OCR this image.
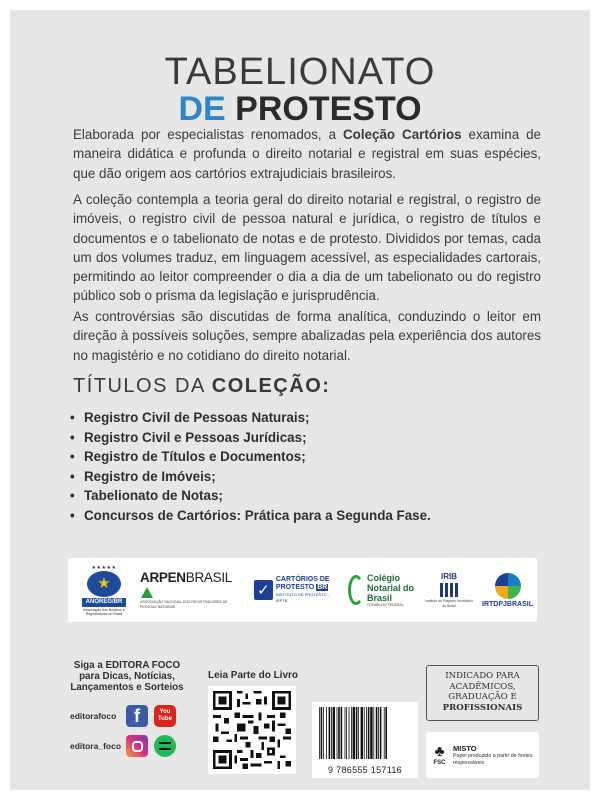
TABELIONATO
DE PROTESTO

Elaborada por especialistas renomados, a Coleção Cartórios examina de maneira didática e profunda o direito notarial e registral em suas espécies, que dão origem aos cartórios extrajudiciais brasileiros.

A coleção contempla a teoria geral do direito notarial e registral, o registro de imóveis, o registro civil de pessoa natural e jurídica, o registro de títulos e documentos e o tabelionato de notas e de protesto. Divididos por temas, cada um dos volumes traduz, em linguagem acessível, as especialidades cartorais, permitindo ao leitor compreender o dia a dia de um tabelionato ou do registro público sob o prisma da legislação e jurisprudência.

As controvérsias são discutidas de forma analítica, conduzindo o leitor em direção à possíveis soluções, sempre abalizadas pela experiência dos autores no magistério e no cotidiano do direito notarial.

TÍTULOS DA COLEÇÃO:
• Registro Civil de Pessoas Naturais;
• Registro Civil e Pessoas Jurídicas;
• Registro de Títulos e Documentos;
• Registro de Imóveis;
• Tabelionato de Notas;
• Concursos de Cartórios: Prática para a Segunda Fase.
★★★★★
★
ANOREG/BR
Associação dos Notários e Registradores do Brasil
ARPENBRASIL
ASSOCIAÇÃO NACIONAL DOS REGISTRADORES DE PESSOAS NATURAIS
✓
CARTÓRIOS DE
PROTESTO BR
INSTITUTO DE PROTESTO - IEPTB
Colégio
Notarial do
Brasil
CONSELHO FEDERAL
IRIB
Instituto de Registro Imobiliário do Brasil	IRTDPJBRASIL
Siga a EDITORA FOCO para Dicas, Notícias, Lançamentos e Sorteios
editorafoco f	You Tube
editora_foco
Leia Parte do Livro
9 786555 157116
INDICADO PARA
ACADÊMICOS,
GRADUAÇÃO E
PROFISSIONAIS
♣
FSC
MISTO
Papel produzido a partir de fontes responsáveis
